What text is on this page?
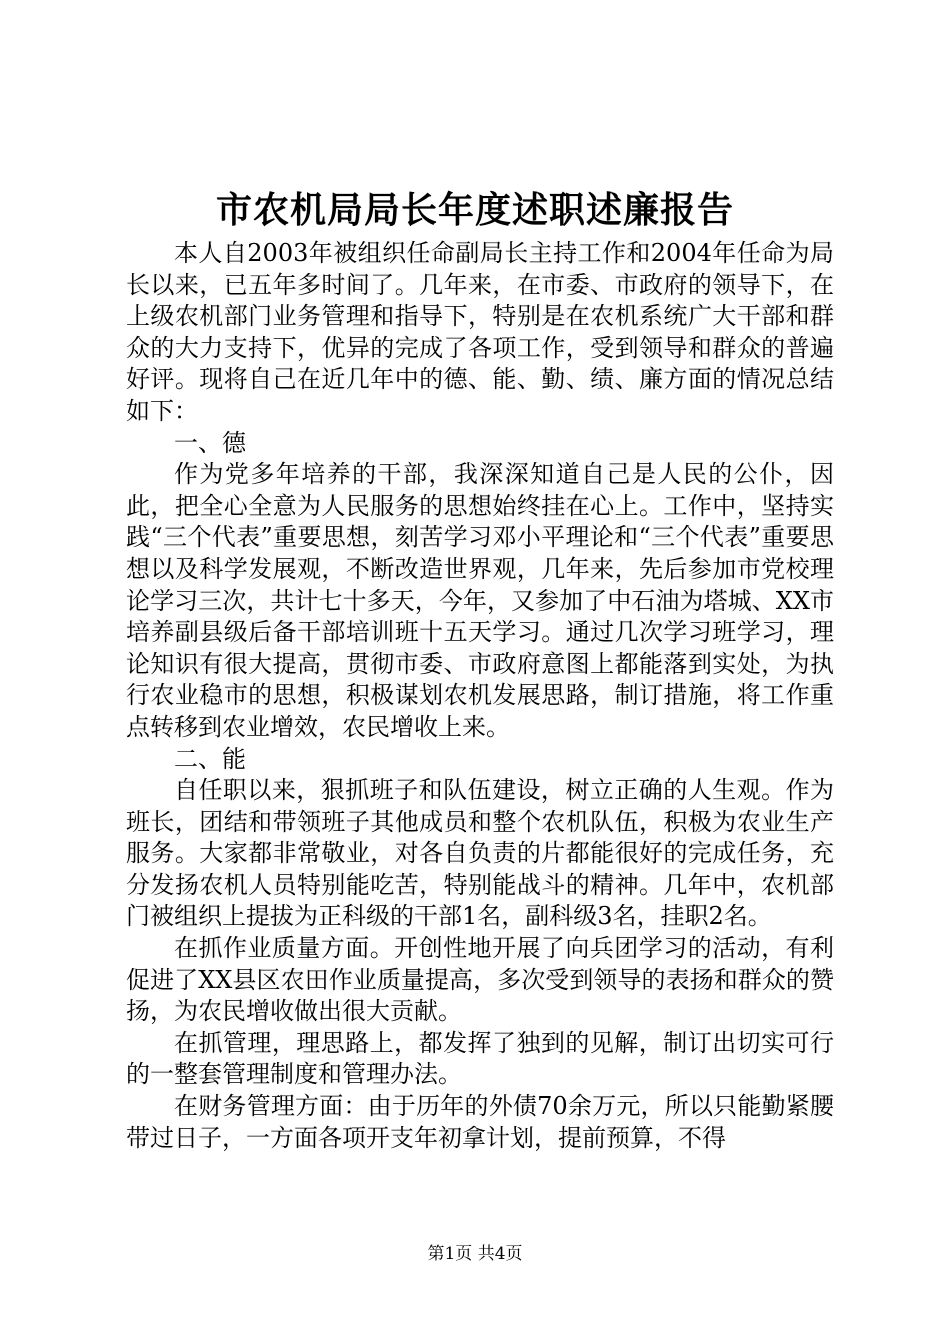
市农机局局长年度述职述廉报告

本人自2003年被组织任命副局长主持工作和2004年任命为局长以来，已五年多时间了。几年来，在市委、市政府的领导下，在上级农机部门业务管理和指导下，特别是在农机系统广大干部和群众的大力支持下，优异的完成了各项工作，受到领导和群众的普遍好评。现将自己在近几年中的德、能、勤、绩、廉方面的情况总结如下：

一、德

作为党多年培养的干部，我深深知道自己是人民的公仆，因此，把全心全意为人民服务的思想始终挂在心上。工作中，坚持实践“三个代表”重要思想，刻苦学习邓小平理论和“三个代表”重要思想以及科学发展观，不断改造世界观，几年来，先后参加市党校理论学习三次，共计七十多天，今年，又参加了中石油为塔城、XX市培养副县级后备干部培训班十五天学习。通过几次学习班学习，理论知识有很大提高，贯彻市委、市政府意图上都能落到实处，为执行农业稳市的思想，积极谋划农机发展思路，制订措施，将工作重点转移到农业增效，农民增收上来。

二、能

自任职以来，狠抓班子和队伍建设，树立正确的人生观。作为班长，团结和带领班子其他成员和整个农机队伍，积极为农业生产服务。大家都非常敬业，对各自负责的片都能很好的完成任务，充分发扬农机人员特别能吃苦，特别能战斗的精神。几年中，农机部门被组织上提拔为正科级的干部1名，副科级3名，挂职2名。

在抓作业质量方面。开创性地开展了向兵团学习的活动，有利促进了XX县区农田作业质量提高，多次受到领导的表扬和群众的赞扬，为农民增收做出很大贡献。

在抓管理，理思路上，都发挥了独到的见解，制订出切实可行的一整套管理制度和管理办法。

在财务管理方面：由于历年的外债70余万元，所以只能勤紧腰带过日子，一方面各项开支年初拿计划，提前预算，不得

第1页 共4页
